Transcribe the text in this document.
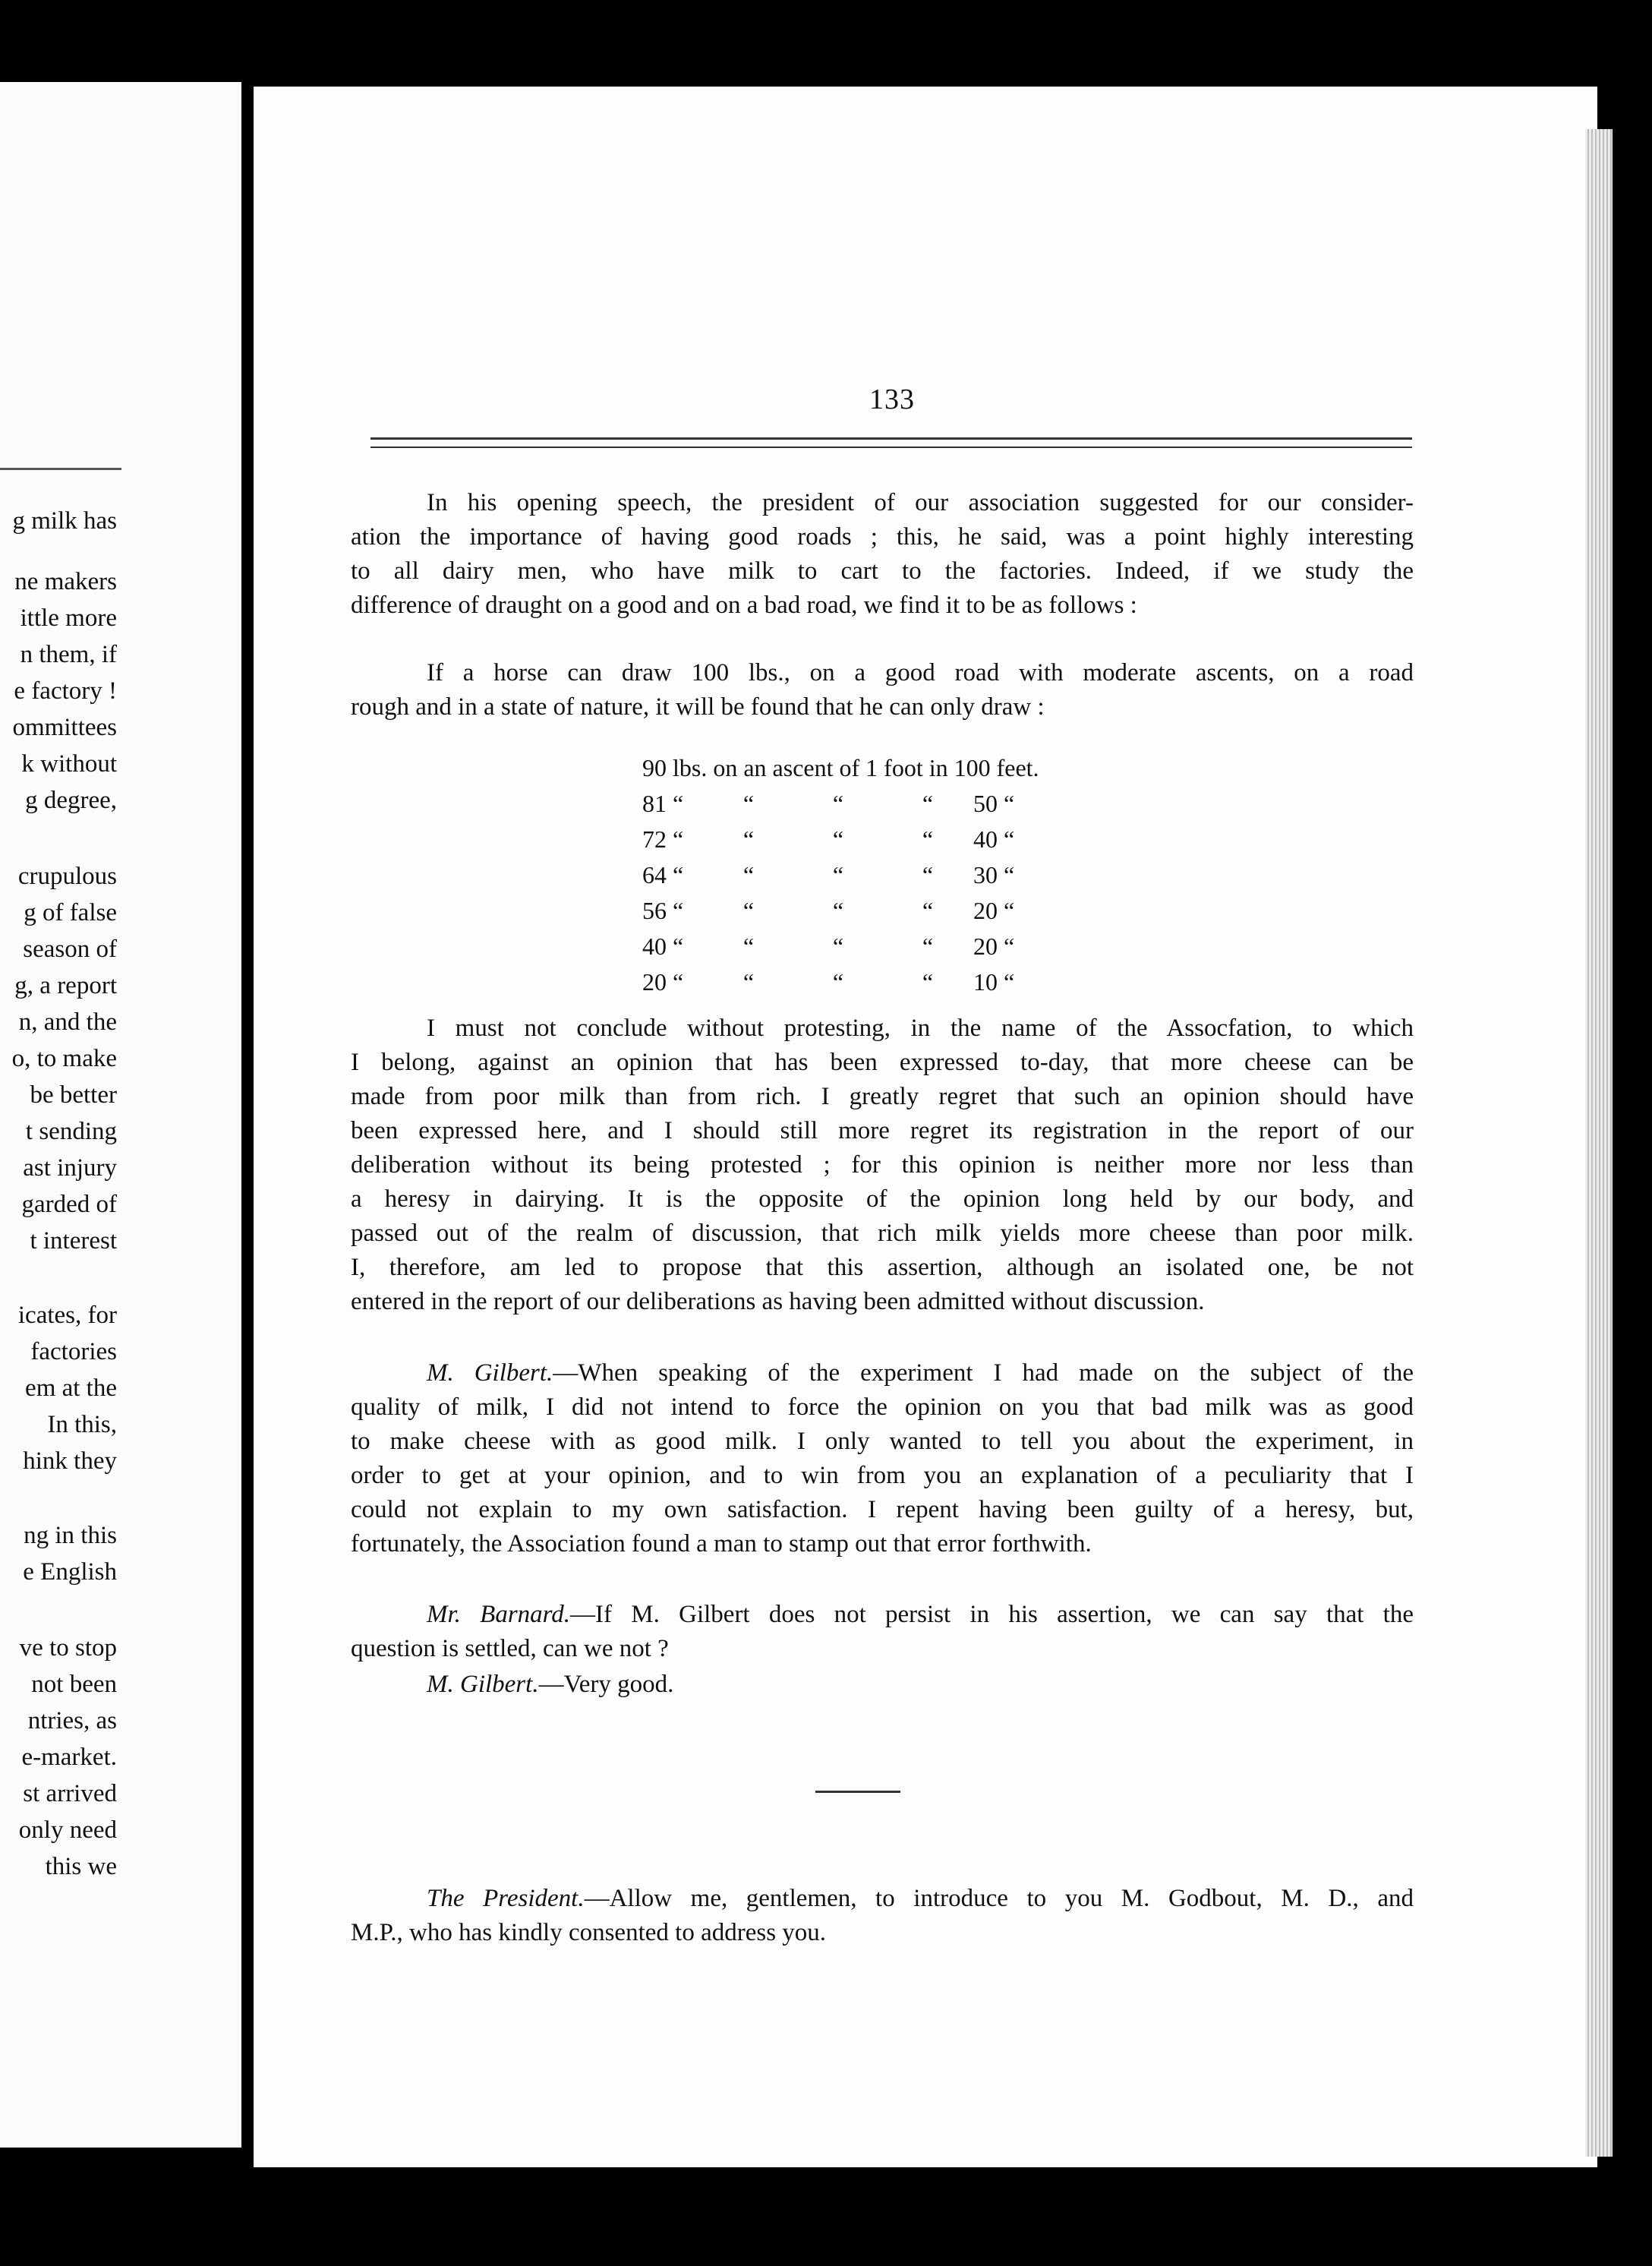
g milk has
ne makers
ittle more
n them, if
e factory !
ommittees
k without
g degree,
crupulous
g of false
season of
g, a report
n, and the
o, to make
be better
t sending
ast injury
garded of
t interest
icates, for
factories
em at the
In this,
hink they
ng in this
e English
ve to stop
not been
ntries, as
e-market.
st arrived
only need
this we
133
In his opening speech, the president of our association suggested for our consider-
ation the importance of having good roads ; this, he said, was a point highly interesting
to all dairy men, who have milk to cart to the factories. Indeed, if we study the
difference of draught on a good and on a bad road, we find it to be as follows :
If a horse can draw 100 lbs., on a good road with moderate ascents, on a road
rough and in a state of nature, it will be found that he can only draw :
90 lbs. on an ascent of 1 foot in 100 feet.				
81 “	“	“	“	50 “
72 “	“	“	“	40 “
64 “	“	“	“	30 “
56 “	“	“	“	20 “
40 “	“	“	“	20 “
20 “	“	“	“	10 “
I must not conclude without protesting, in the name of the Assocfation, to which
I belong, against an opinion that has been expressed to-day, that more cheese can be
made from poor milk than from rich. I greatly regret that such an opinion should have
been expressed here, and I should still more regret its registration in the report of our
deliberation without its being protested ; for this opinion is neither more nor less than
a heresy in dairying. It is the opposite of the opinion long held by our body, and
passed out of the realm of discussion, that rich milk yields more cheese than poor milk.
I, therefore, am led to propose that this assertion, although an isolated one, be not
entered in the report of our deliberations as having been admitted without discussion.
M. Gilbert.—When speaking of the experiment I had made on the subject of the
quality of milk, I did not intend to force the opinion on you that bad milk was as good
to make cheese with as good milk. I only wanted to tell you about the experiment, in
order to get at your opinion, and to win from you an explanation of a peculiarity that I
could not explain to my own satisfaction. I repent having been guilty of a heresy, but,
fortunately, the Association found a man to stamp out that error forthwith.
Mr. Barnard.—If M. Gilbert does not persist in his assertion, we can say that the
question is settled, can we not ?
M. Gilbert.—Very good.
The President.—Allow me, gentlemen, to introduce to you M. Godbout, M. D., and
M.P., who has kindly consented to address you.
